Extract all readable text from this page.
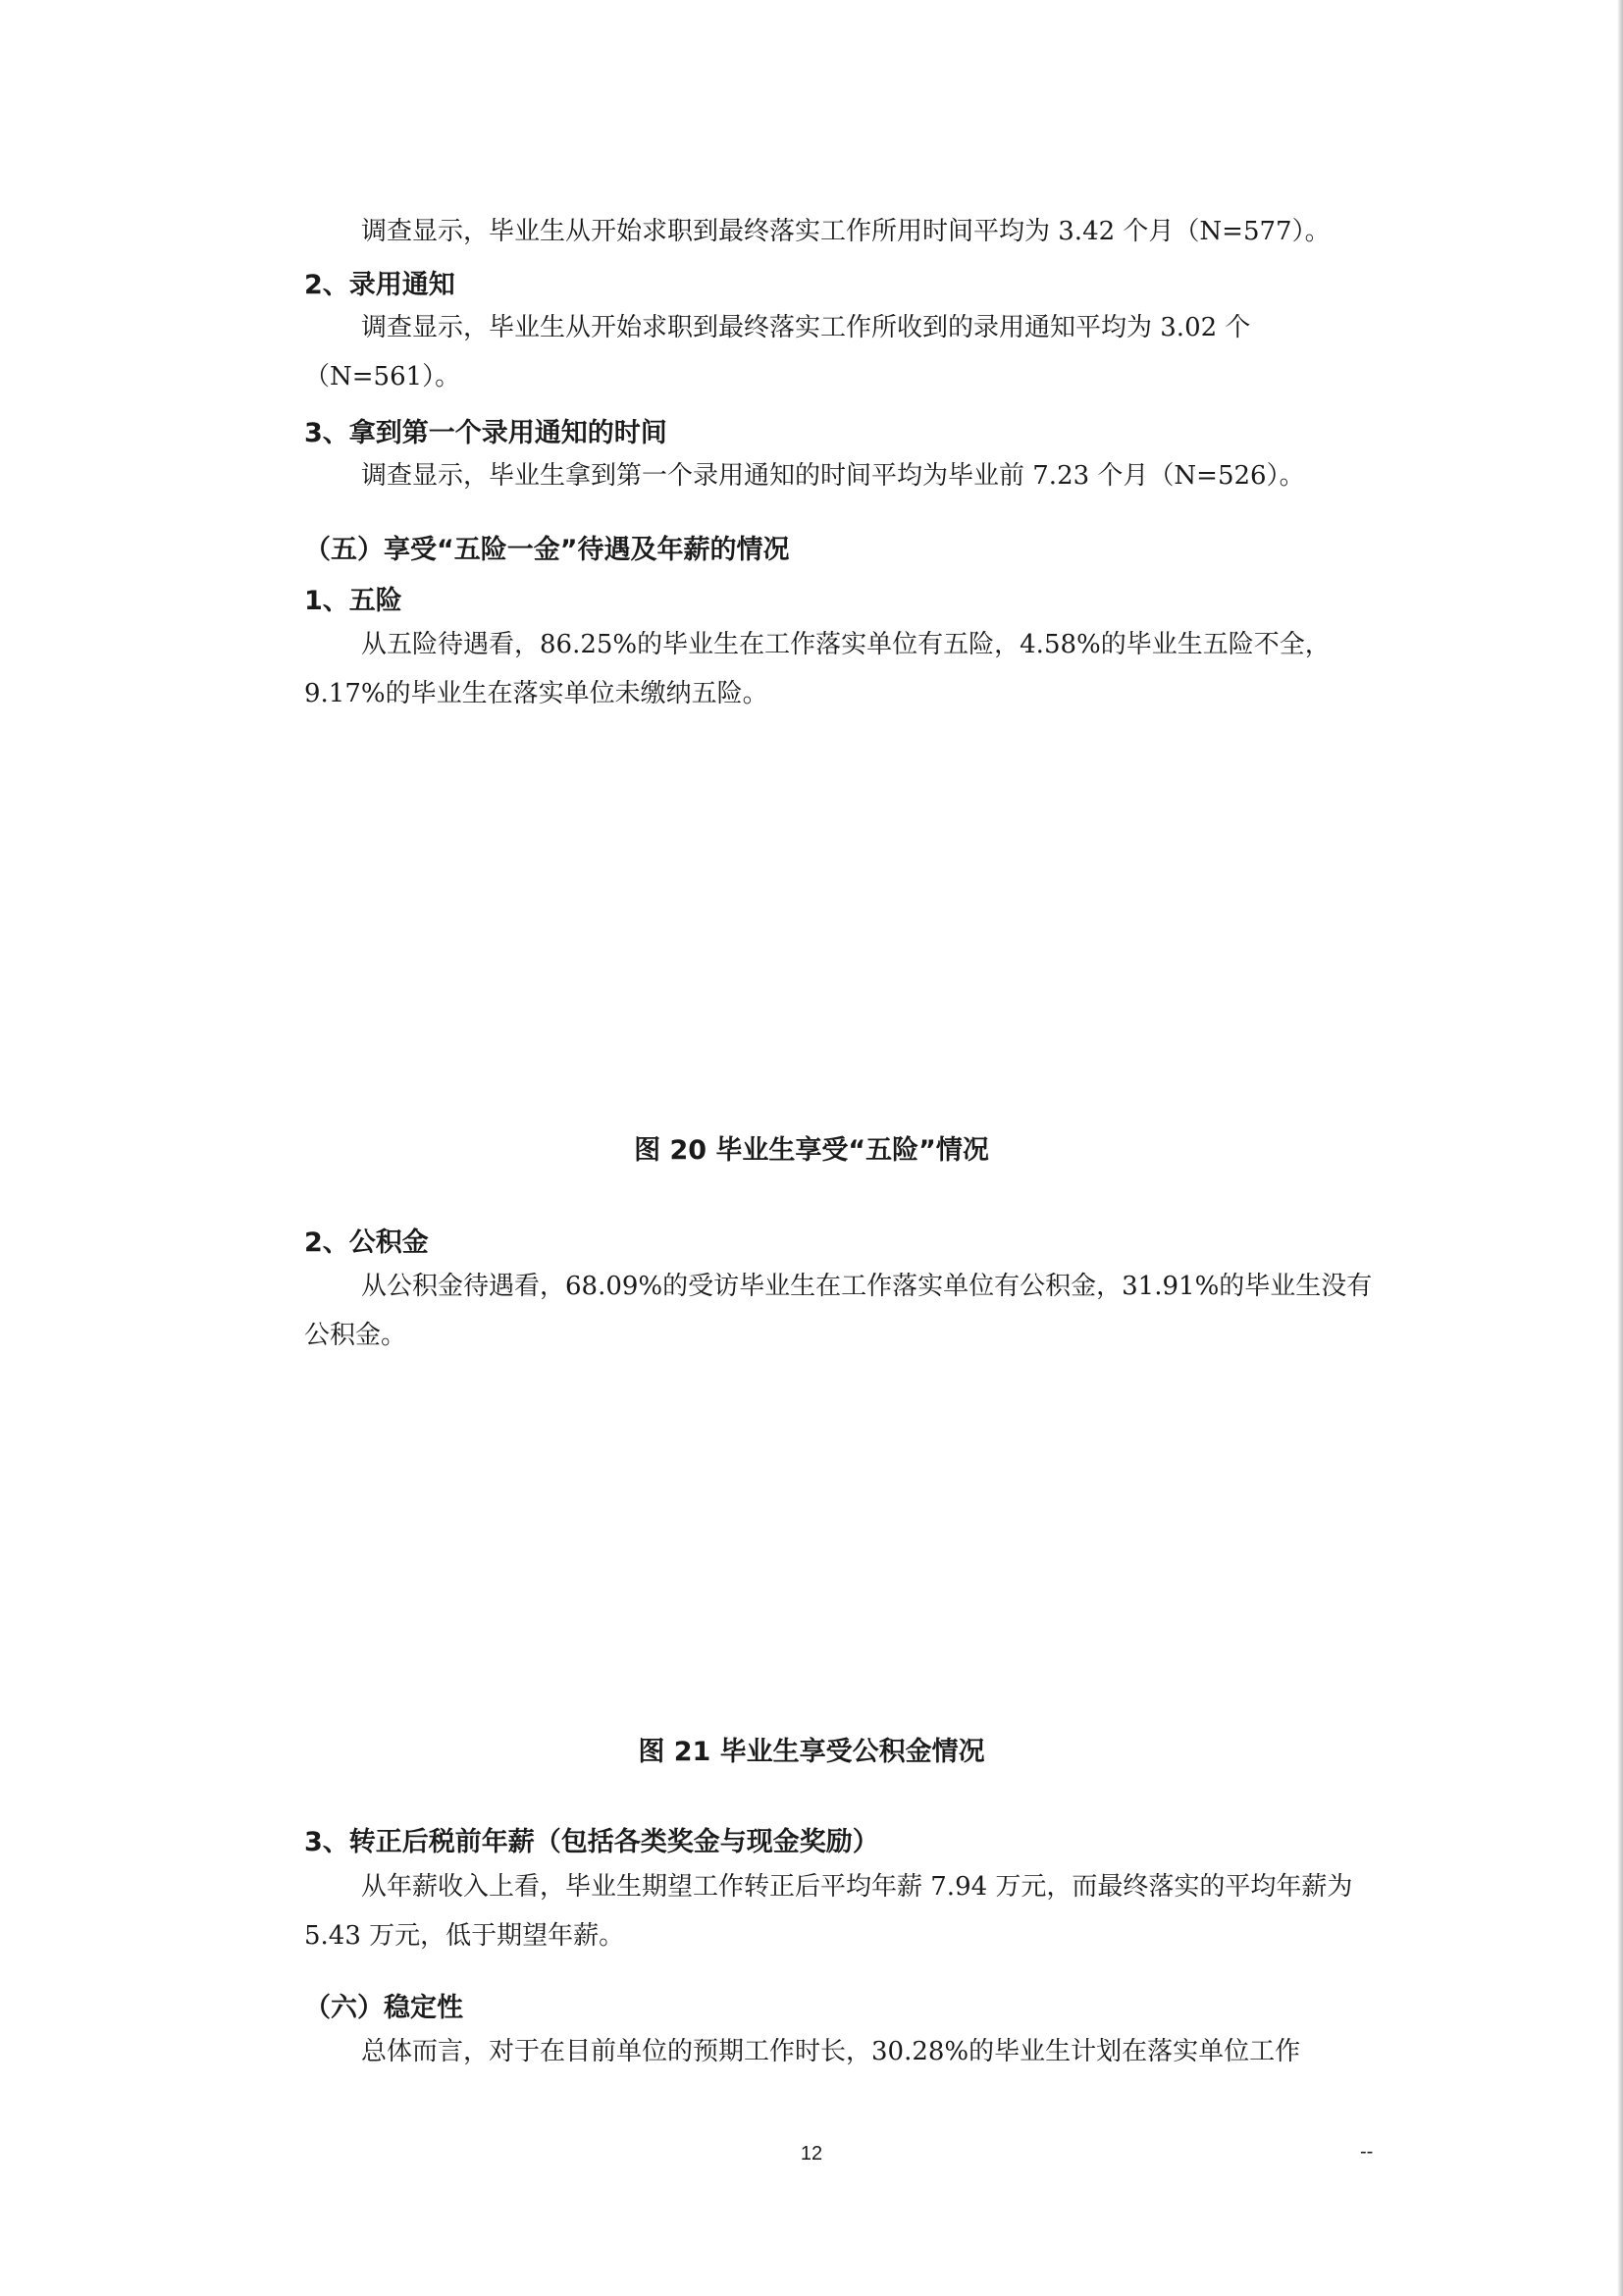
调查显示，毕业生从开始求职到最终落实工作所用时间平均为 3.42 个月（N=577）。

2、录用通知

调查显示，毕业生从开始求职到最终落实工作所收到的录用通知平均为 3.02 个（N=561）。

3、拿到第一个录用通知的时间

调查显示，毕业生拿到第一个录用通知的时间平均为毕业前 7.23 个月（N=526）。

（五）享受“五险一金”待遇及年薪的情况
1、五险

从五险待遇看，86.25%的毕业生在工作落实单位有五险，4.58%的毕业生五险不全，9.17%的毕业生在落实单位未缴纳五险。

图 20 毕业生享受“五险”情况
2、公积金

从公积金待遇看，68.09%的受访毕业生在工作落实单位有公积金，31.91%的毕业生没有公积金。

图 21 毕业生享受公积金情况
3、转正后税前年薪（包括各类奖金与现金奖励）

从年薪收入上看，毕业生期望工作转正后平均年薪 7.94 万元，而最终落实的平均年薪为 5.43 万元，低于期望年薪。

（六）稳定性

总体而言，对于在目前单位的预期工作时长，30.28%的毕业生计划在落实单位工作

12	--
